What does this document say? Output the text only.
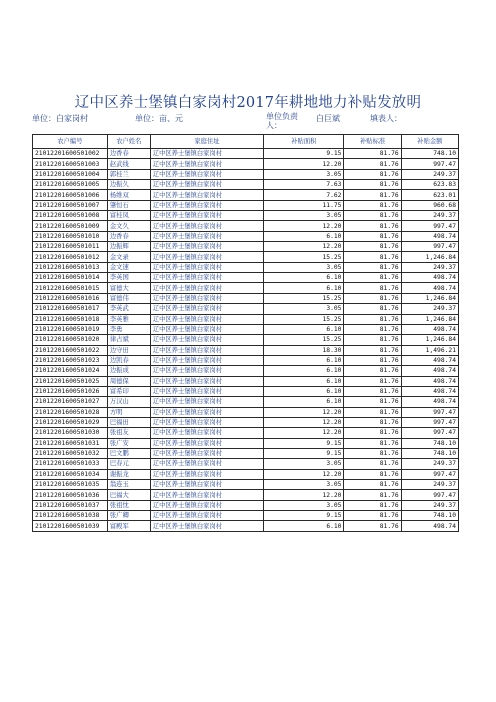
辽中区养士堡镇白家岗村2017年耕地地力补贴发放明
单位：白家岗村	单位：亩、元	单位负责人：
白巨斌	填表人：
农户编号	农户姓名	家庭住址	补贴面积	补贴标准	补贴金额
21012201600501002	边香春	辽中区养士堡镇白家岗村	9.15	81.76	748.10
21012201600501003	赵武线	辽中区养士堡镇白家岗村	12.20	81.76	997.47
21012201600501004	郭桂兰	辽中区养士堡镇白家岗村	3.05	81.76	249.37
21012201600501005	边振久	辽中区养士堡镇白家岗村	7.63	81.76	623.83
21012201600501006	杨维双	辽中区养士堡镇白家岗村	7.62	81.76	623.01
21012201600501007	肇恒石	辽中区养士堡镇白家岗村	11.75	81.76	960.68
21012201600501008	富桂凤	辽中区养士堡镇白家岗村	3.05	81.76	249.37
21012201600501009	金文久	辽中区养士堡镇白家岗村	12.20	81.76	997.47
21012201600501010	边香春	辽中区养士堡镇白家岗村	6.10	81.76	498.74
21012201600501011	边振辉	辽中区养士堡镇白家岗村	12.20	81.76	997.47
21012201600501012	金文录	辽中区养士堡镇白家岗村	15.25	81.76	1,246.84
21012201600501013	金文速	辽中区养士堡镇白家岗村	3.05	81.76	249.37
21012201600501014	李英国	辽中区养士堡镇白家岗村	6.10	81.76	498.74
21012201600501015	富德大	辽中区养士堡镇白家岗村	6.10	81.76	498.74
21012201600501016	富德伟	辽中区养士堡镇白家岗村	15.25	81.76	1,246.84
21012201600501017	李英武	辽中区养士堡镇白家岗村	3.05	81.76	249.37
21012201600501018	李英雅	辽中区养士堡镇白家岗村	15.25	81.76	1,246.84
21012201600501019	李勇	辽中区养士堡镇白家岗村	6.10	81.76	498.74
21012201600501020	律占斌	辽中区养士堡镇白家岗村	15.25	81.76	1,246.84
21012201600501022	边守田	辽中区养士堡镇白家岗村	18.30	81.76	1,496.21
21012201600501023	边凯春	辽中区养士堡镇白家岗村	6.10	81.76	498.74
21012201600501024	边振成	辽中区养士堡镇白家岗村	6.10	81.76	498.74
21012201600501025	周德保	辽中区养士堡镇白家岗村	6.10	81.76	498.74
21012201600501026	富希印	辽中区养士堡镇白家岗村	6.10	81.76	498.74
21012201600501027	万汉山	辽中区养士堡镇白家岗村	6.10	81.76	498.74
21012201600501028	方明	辽中区养士堡镇白家岗村	12.20	81.76	997.47
21012201600501029	巴福田	辽中区养士堡镇白家岗村	12.20	81.76	997.47
21012201600501030	张祖友	辽中区养士堡镇白家岗村	12.20	81.76	997.47
21012201600501031	张广安	辽中区养士堡镇白家岗村	9.15	81.76	748.10
21012201600501032	巴文鹏	辽中区养士堡镇白家岗村	9.15	81.76	748.10
21012201600501033	巴春元	辽中区养士堡镇白家岗村	3.05	81.76	249.37
21012201600501034	谢振龙	辽中区养士堡镇白家岗村	12.20	81.76	997.47
21012201600501035	翁连玉	辽中区养士堡镇白家岗村	3.05	81.76	249.37
21012201600501036	巴福大	辽中区养士堡镇白家岗村	12.20	81.76	997.47
21012201600501037	张祖忱	辽中区养士堡镇白家岗村	3.05	81.76	249.37
21012201600501038	张广卿	辽中区养士堡镇白家岗村	9.15	81.76	748.10
21012201600501039	富殿军	辽中区养士堡镇白家岗村	6.10	81.76	498.74
